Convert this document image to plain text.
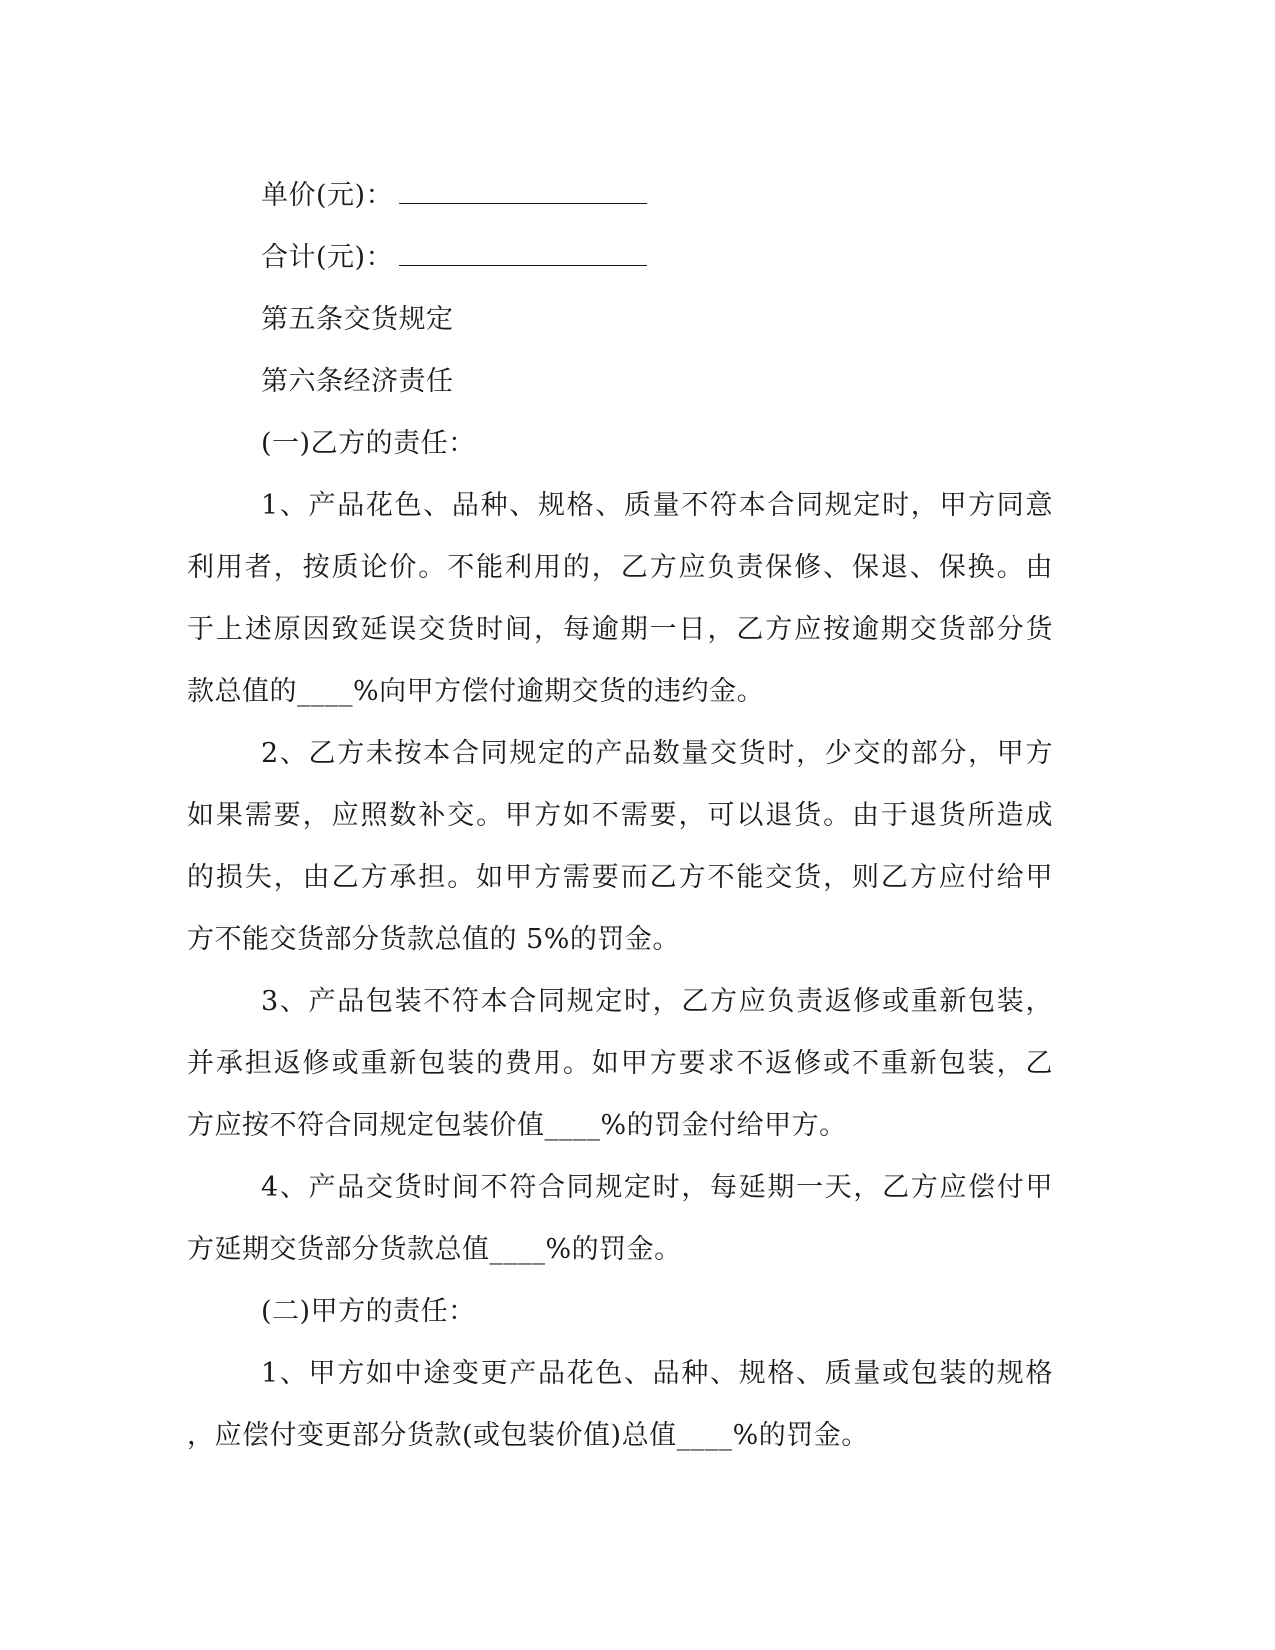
单价(元)：
合计(元)：
第五条交货规定
第六条经济责任
(一)乙方的责任：
1、产品花色、品种、规格、质量不符本合同规定时，甲方同意
利用者，按质论价。不能利用的，乙方应负责保修、保退、保换。由
于上述原因致延误交货时间，每逾期一日，乙方应按逾期交货部分货
款总值的____%向甲方偿付逾期交货的违约金。
2、乙方未按本合同规定的产品数量交货时，少交的部分，甲方
如果需要，应照数补交。甲方如不需要，可以退货。由于退货所造成
的损失，由乙方承担。如甲方需要而乙方不能交货，则乙方应付给甲
方不能交货部分货款总值的 5%的罚金。
3、产品包装不符本合同规定时，乙方应负责返修或重新包装，
并承担返修或重新包装的费用。如甲方要求不返修或不重新包装，乙
方应按不符合同规定包装价值____%的罚金付给甲方。
4、产品交货时间不符合同规定时，每延期一天，乙方应偿付甲
方延期交货部分货款总值____%的罚金。
(二)甲方的责任：
1、甲方如中途变更产品花色、品种、规格、质量或包装的规格
，应偿付变更部分货款(或包装价值)总值____%的罚金。
